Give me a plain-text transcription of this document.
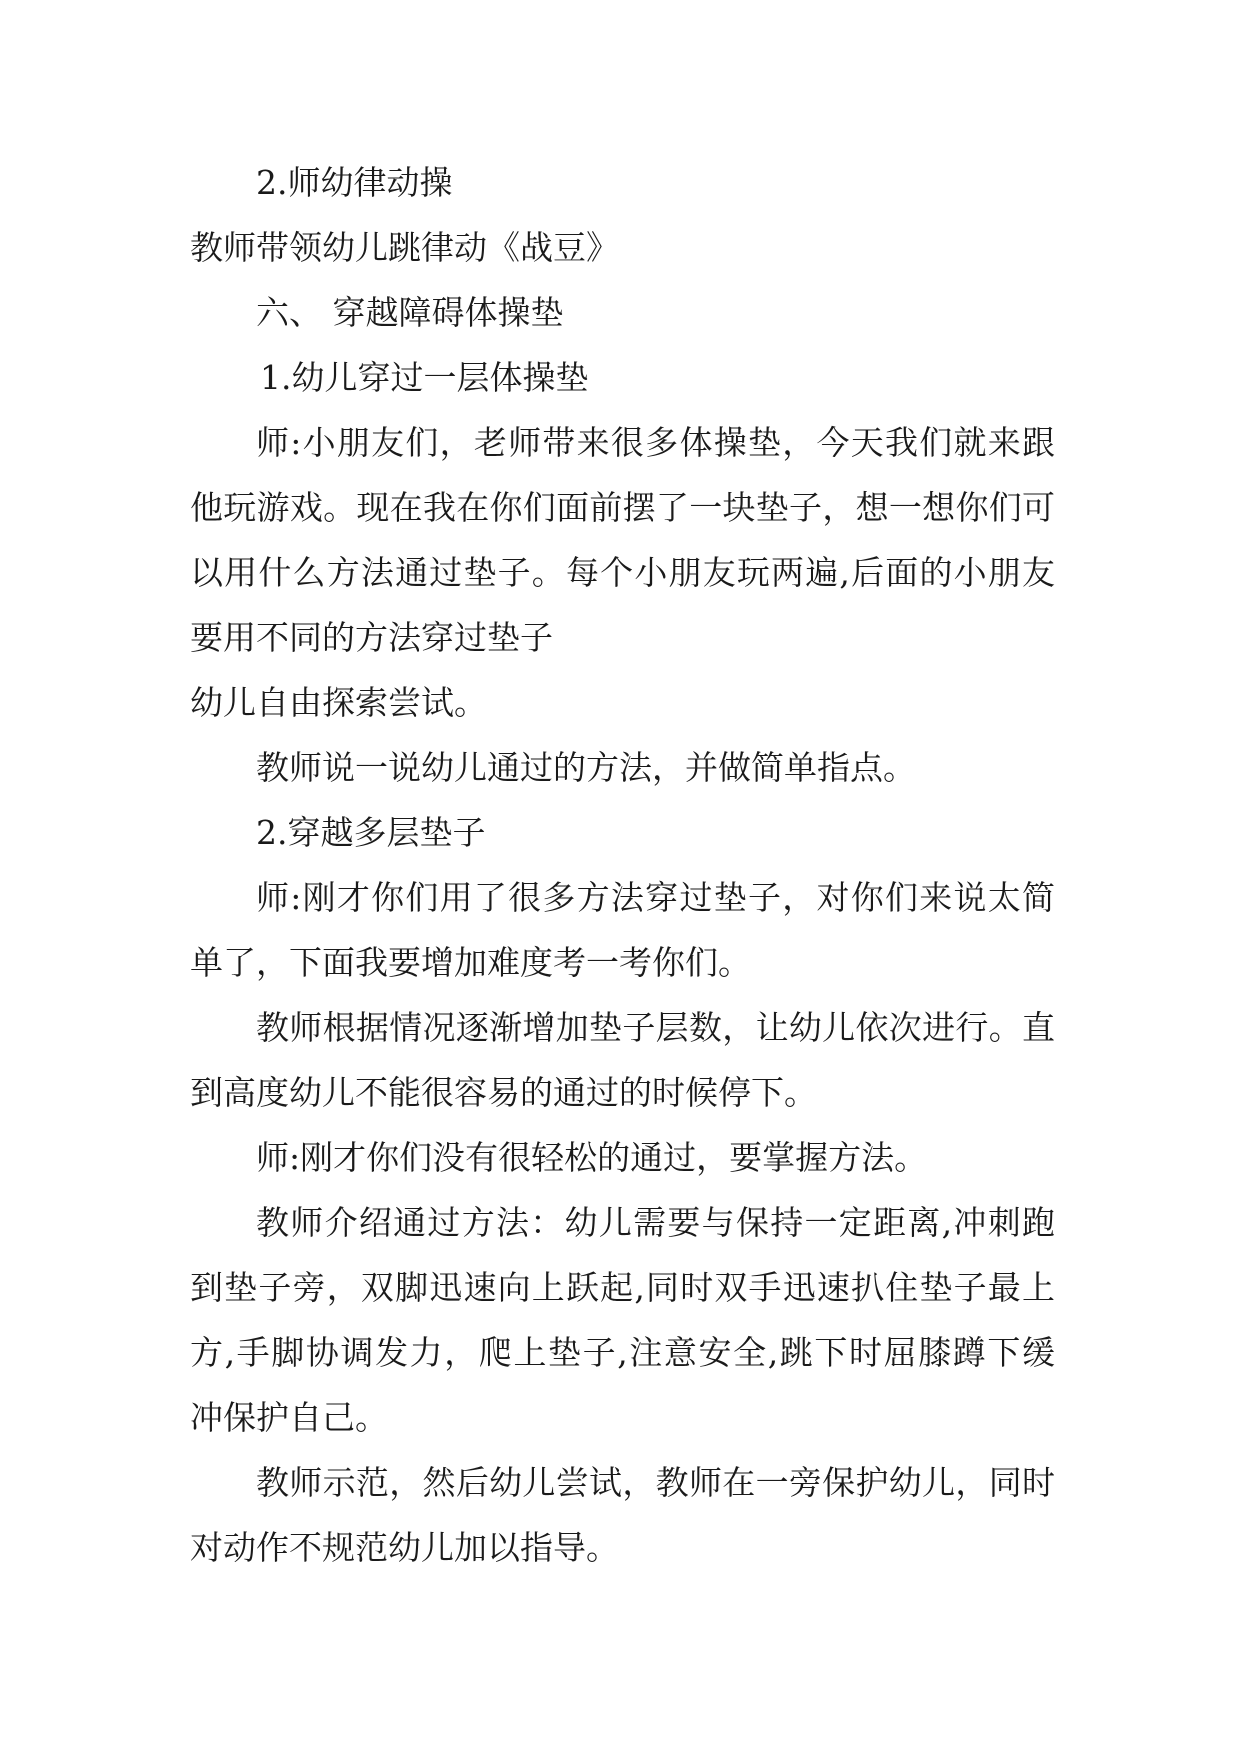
2.师幼律动操
教师带领幼儿跳律动《战豆》
六、 穿越障碍体操垫
1.幼儿穿过一层体操垫
师:小朋友们，老师带来很多体操垫，今天我们就来跟
他玩游戏。现在我在你们面前摆了一块垫子，想一想你们可
以用什么方法通过垫子。每个小朋友玩两遍,后面的小朋友
要用不同的方法穿过垫子
幼儿自由探索尝试。
教师说一说幼儿通过的方法，并做简单指点。
2.穿越多层垫子
师:刚才你们用了很多方法穿过垫子，对你们来说太简
单了，下面我要增加难度考一考你们。
教师根据情况逐渐增加垫子层数，让幼儿依次进行。直
到高度幼儿不能很容易的通过的时候停下。
师:刚才你们没有很轻松的通过，要掌握方法。
教师介绍通过方法：幼儿需要与保持一定距离,冲刺跑
到垫子旁，双脚迅速向上跃起,同时双手迅速扒住垫子最上
方,手脚协调发力，爬上垫子,注意安全,跳下时屈膝蹲下缓
冲保护自己。
教师示范，然后幼儿尝试，教师在一旁保护幼儿，同时
对动作不规范幼儿加以指导。
